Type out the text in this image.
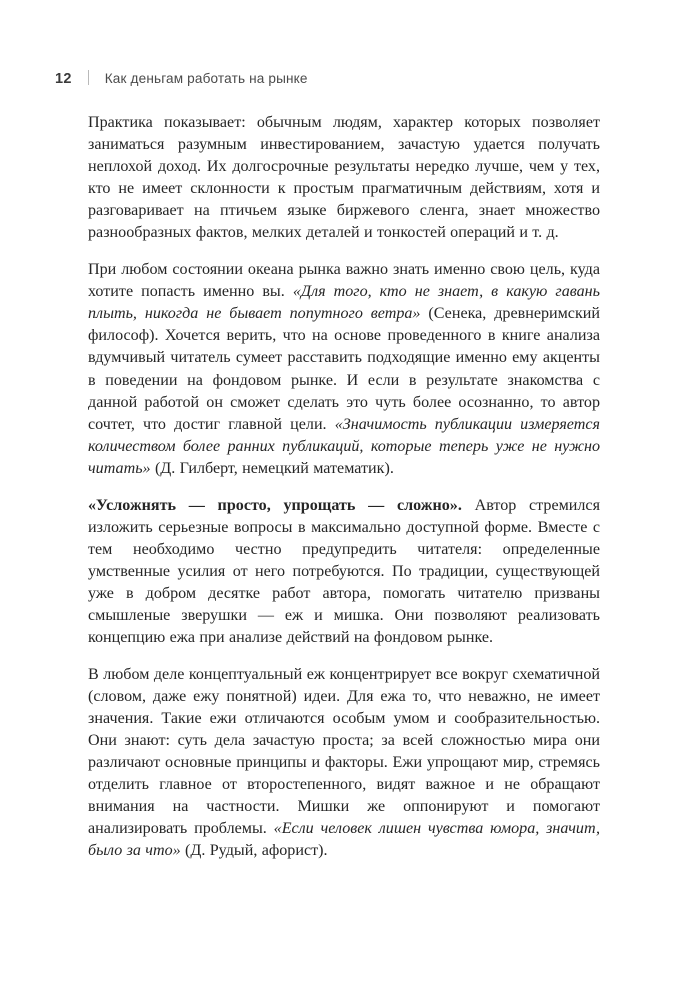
12 Как деньгам работать на рынке

Практика показывает: обычным людям, характер которых позволяет заниматься разумным инвестированием, зачастую удается получать неплохой доход. Их долгосрочные результаты нередко лучше, чем у тех, кто не имеет склонности к простым прагматичным действиям, хотя и разговаривает на птичьем языке биржевого сленга, знает множество разнообразных фактов, мелких деталей и тонкостей операций и т. д.

При любом состоянии океана рынка важно знать именно свою цель, куда хотите попасть именно вы. «Для того, кто не знает, в какую гавань плыть, никогда не бывает попутного ветра» (Сенека, древнеримский философ). Хочется верить, что на основе проведенного в книге анализа вдумчивый читатель сумеет расставить подходящие именно ему акценты в поведении на фондовом рынке. И если в результате знакомства с данной работой он сможет сделать это чуть более осознанно, то автор сочтет, что достиг главной цели. «Значимость публикации измеряется количеством более ранних публикаций, которые теперь уже не нужно читать» (Д. Гилберт, немецкий математик).

«Усложнять — просто, упрощать — сложно». Автор стремился изложить серьезные вопросы в максимально доступной форме. Вместе с тем необходимо честно предупредить читателя: определенные умственные усилия от него потребуются. По традиции, существующей уже в добром десятке работ автора, помогать читателю призваны смышленые зверушки — еж и мишка. Они позволяют реализовать концепцию ежа при анализе действий на фондовом рынке.

В любом деле концептуальный еж концентрирует все вокруг схематичной (словом, даже ежу понятной) идеи. Для ежа то, что неважно, не имеет значения. Такие ежи отличаются особым умом и сообразительностью. Они знают: суть дела зачастую проста; за всей сложностью мира они различают основные принципы и факторы. Ежи упрощают мир, стремясь отделить главное от второстепенного, видят важное и не обращают внимания на частности. Мишки же оппонируют и помогают анализировать проблемы. «Если человек лишен чувства юмора, значит, было за что» (Д. Рудый, афорист).
